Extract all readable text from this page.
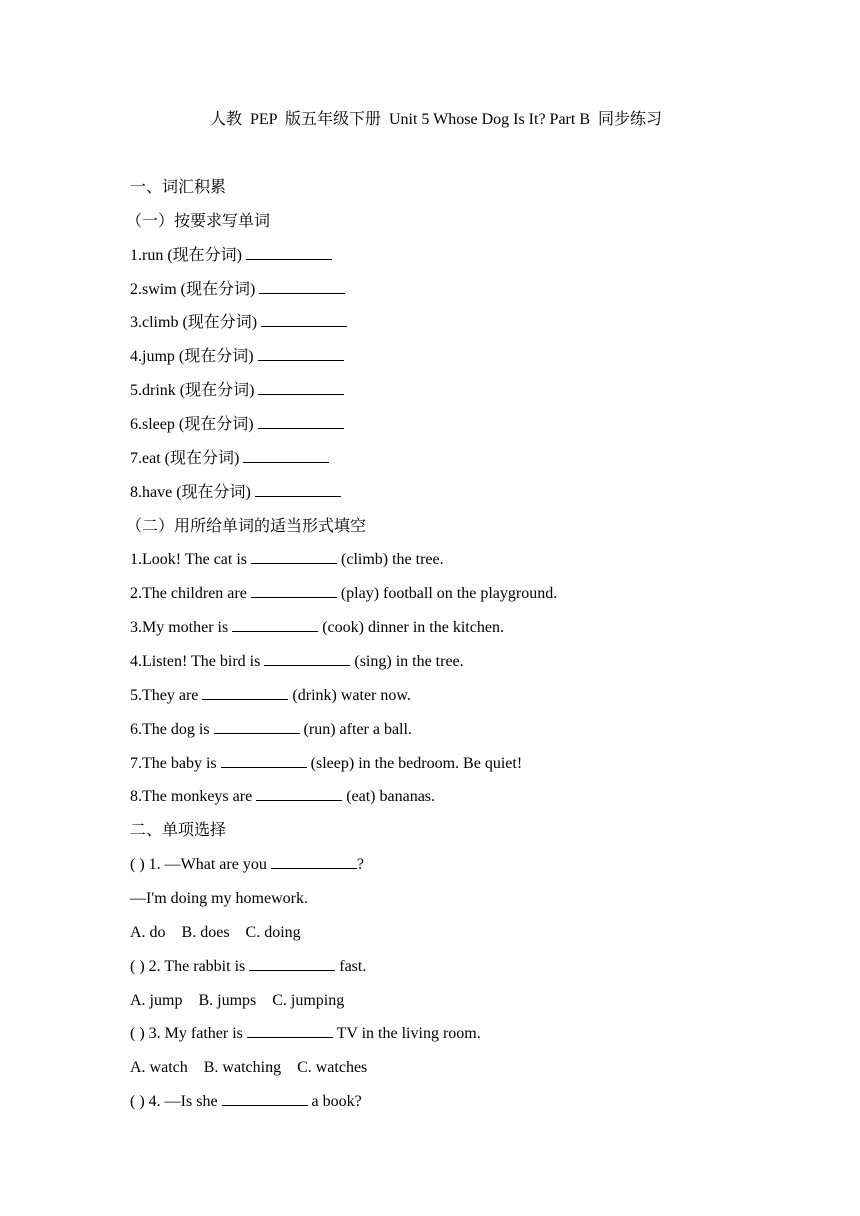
人教  PEP  版五年级下册  Unit 5 Whose Dog Is It? Part B  同步练习
一、词汇积累
（一）按要求写单词
1.run (现在分词)
2.swim (现在分词)
3.climb (现在分词)
4.jump (现在分词)
5.drink (现在分词)
6.sleep (现在分词)
7.eat (现在分词)
8.have (现在分词)
（二）用所给单词的适当形式填空
1.Look! The cat is	(climb) the tree.
2.The children are	(play) football on the playground.
3.My mother is	(cook) dinner in the kitchen.
4.Listen! The bird is	(sing) in the tree.
5.They are	(drink) water now.
6.The dog is	(run) after a ball.
7.The baby is	(sleep) in the bedroom. Be quiet!
8.The monkeys are	(eat) bananas.
二、单项选择
( ) 1. —What are you	?
—I'm doing my homework.
A. do    B. does    C. doing
( ) 2. The rabbit is	fast.
A. jump    B. jumps    C. jumping
( ) 3. My father is	TV in the living room.
A. watch    B. watching    C. watches
( ) 4. —Is she	a book?
